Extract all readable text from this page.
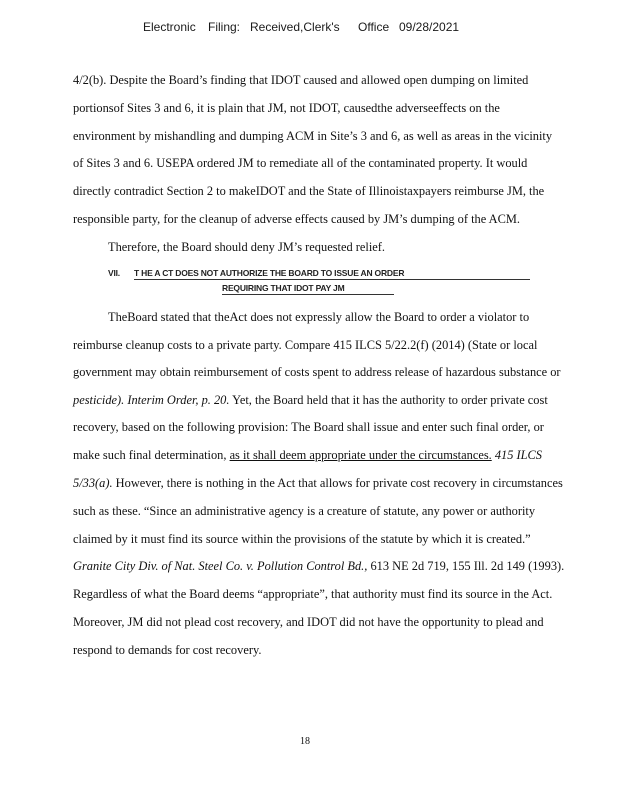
Electronic Filing: Received,Clerk's Office 09/28/2021
4/2(b). Despite the Board’s finding that IDOT caused and allowed open dumping on limited
portionsof Sites 3 and 6, it is plain that JM, not IDOT, causedthe adverseeffects on the
environment by mishandling and dumping ACM in Site’s 3 and 6, as well as areas in the vicinity
of Sites 3 and 6. USEPA ordered JM to remediate all of the contaminated property. It would
directly contradict Section 2 to makeIDOT and the State of Illinoistaxpayers reimburse JM, the
responsible party, for the cleanup of adverse effects caused by JM’s dumping of the ACM.
Therefore, the Board should deny JM’s requested relief.
VII. T HE A CT DOES NOT AUTHORIZE THE BOARD TO ISSUE AN ORDER
REQUIRING THAT IDOT PAY JM
TheBoard stated that theAct does not expressly allow the Board to order a violator to
reimburse cleanup costs to a private party. Compare 415 ILCS 5/22.2(f) (2014) (State or local
government may obtain reimbursement of costs spent to address release of hazardous substance or
pesticide). Interim Order, p. 20. Yet, the Board held that it has the authority to order private cost
recovery, based on the following provision: The Board shall issue and enter such final order, or
make such final determination, as it shall deem appropriate under the circumstances. 415 ILCS
5/33(a). However, there is nothing in the Act that allows for private cost recovery in circumstances
such as these. “Since an administrative agency is a creature of statute, any power or authority
claimed by it must find its source within the provisions of the statute by which it is created.”
Granite City Div. of Nat. Steel Co. v. Pollution Control Bd., 613 NE 2d 719, 155 Ill. 2d 149 (1993).
Regardless of what the Board deems “appropriate”, that authority must find its source in the Act.
Moreover, JM did not plead cost recovery, and IDOT did not have the opportunity to plead and
respond to demands for cost recovery.
18
